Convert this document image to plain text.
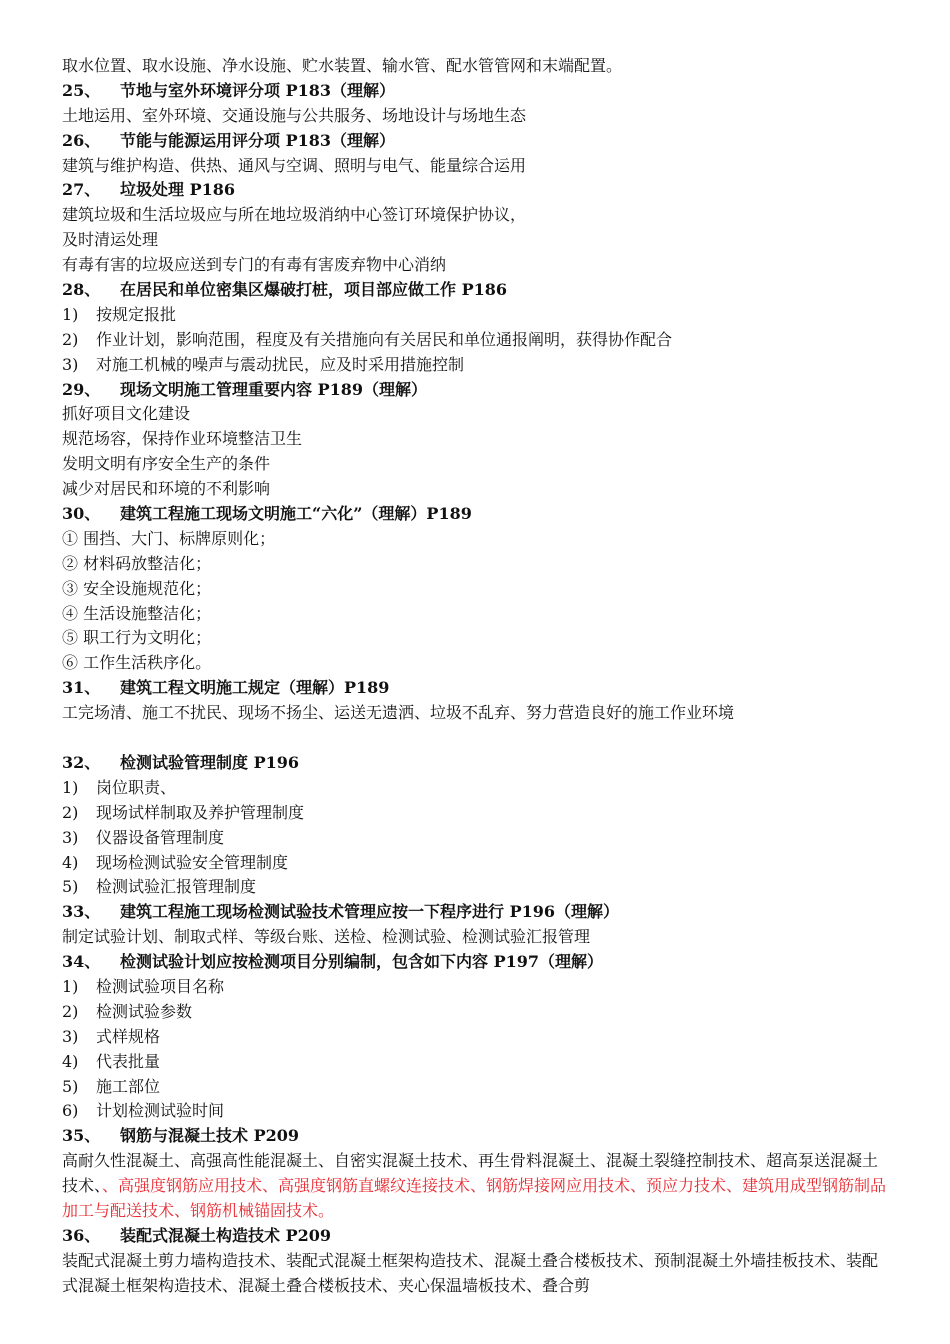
取水位置、取水设施、净水设施、贮水装置、输水管、配水管管网和末端配置。
25、 节地与室外环境评分项 P183（理解）
土地运用、室外环境、交通设施与公共服务、场地设计与场地生态
26、 节能与能源运用评分项 P183（理解）
建筑与维护构造、供热、通风与空调、照明与电气、能量综合运用
27、 垃圾处理 P186
建筑垃圾和生活垃圾应与所在地垃圾消纳中心签订环境保护协议，
及时清运处理
有毒有害的垃圾应送到专门的有毒有害废弃物中心消纳
28、 在居民和单位密集区爆破打桩，项目部应做工作 P186
1) 按规定报批
2) 作业计划，影响范围，程度及有关措施向有关居民和单位通报阐明，获得协作配合
3) 对施工机械的噪声与震动扰民，应及时采用措施控制
29、 现场文明施工管理重要内容 P189（理解）
抓好项目文化建设
规范场容，保持作业环境整洁卫生
发明文明有序安全生产的条件
减少对居民和环境的不利影响
30、 建筑工程施工现场文明施工“六化”（理解）P189
① 围挡、大门、标牌原则化；
② 材料码放整洁化；
③ 安全设施规范化；
④ 生活设施整洁化；
⑤ 职工行为文明化；
⑥ 工作生活秩序化。
31、 建筑工程文明施工规定（理解）P189
工完场清、施工不扰民、现场不扬尘、运送无遗洒、垃圾不乱弃、努力营造良好的施工作业环境
32、 检测试验管理制度 P196
1) 岗位职责、
2) 现场试样制取及养护管理制度
3) 仪器设备管理制度
4) 现场检测试验安全管理制度
5) 检测试验汇报管理制度
33、 建筑工程施工现场检测试验技术管理应按一下程序进行 P196（理解）
制定试验计划、制取式样、等级台账、送检、检测试验、检测试验汇报管理
34、 检测试验计划应按检测项目分别编制，包含如下内容 P197（理解）
1) 检测试验项目名称
2) 检测试验参数
3) 式样规格
4) 代表批量
5) 施工部位
6) 计划检测试验时间
35、 钢筋与混凝土技术 P209
高耐久性混凝土、高强高性能混凝土、自密实混凝土技术、再生骨料混凝土、混凝土裂缝控制技术、超高泵送混凝土技术、、高强度钢筋应用技术、高强度钢筋直螺纹连接技术、钢筋焊接网应用技术、预应力技术、建筑用成型钢筋制品加工与配送技术、钢筋机械锚固技术。
36、 装配式混凝土构造技术 P209
装配式混凝土剪力墙构造技术、装配式混凝土框架构造技术、混凝土叠合楼板技术、预制混凝土外墙挂板技术、装配式混凝土框架构造技术、混凝土叠合楼板技术、夹心保温墙板技术、叠合剪
